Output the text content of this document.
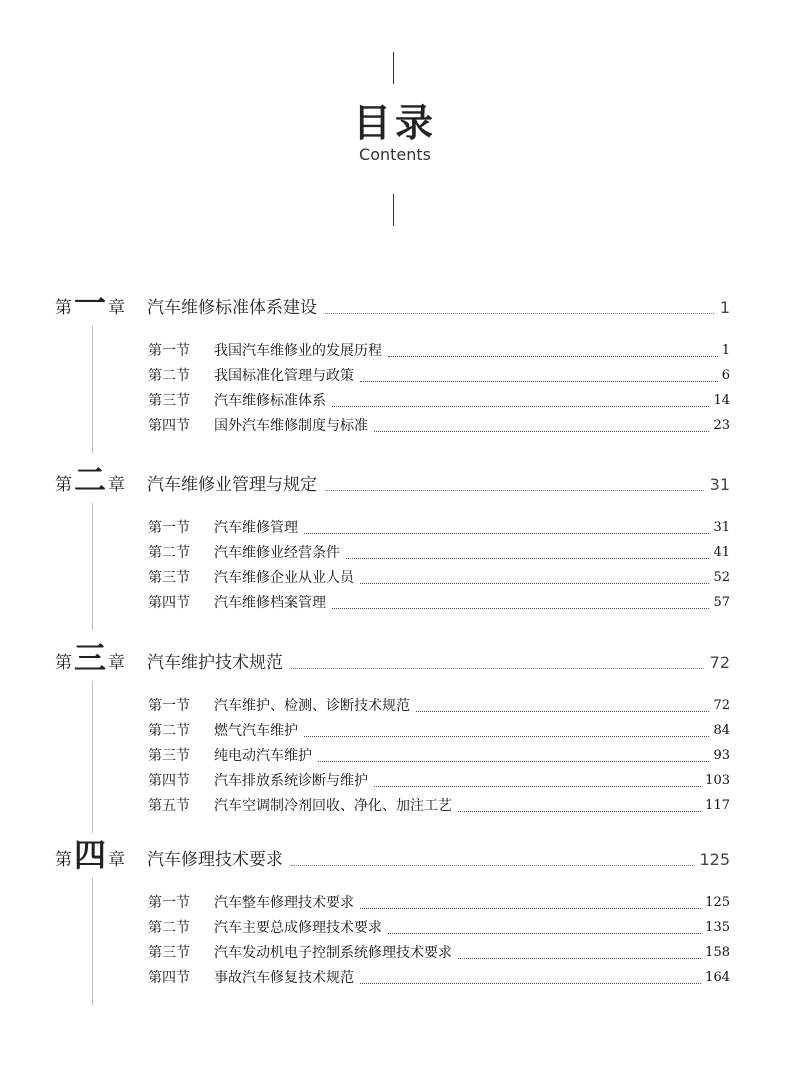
目录
Contents
第 一 章 汽车维修标准体系建设	1
第一节	我国汽车维修业的发展历程	1
第二节	我国标准化管理与政策	6
第三节	汽车维修标准体系	14
第四节	国外汽车维修制度与标准	23
第 二 章 汽车维修业管理与规定	31
第一节	汽车维修管理	31
第二节	汽车维修业经营条件	41
第三节	汽车维修企业从业人员	52
第四节	汽车维修档案管理	57
第 三 章 汽车维护技术规范	72
第一节	汽车维护、检测、诊断技术规范	72
第二节	燃气汽车维护	84
第三节	纯电动汽车维护	93
第四节	汽车排放系统诊断与维护	103
第五节	汽车空调制冷剂回收、净化、加注工艺	117
第 四 章 汽车修理技术要求	125
第一节	汽车整车修理技术要求	125
第二节	汽车主要总成修理技术要求	135
第三节	汽车发动机电子控制系统修理技术要求	158
第四节	事故汽车修复技术规范	164
